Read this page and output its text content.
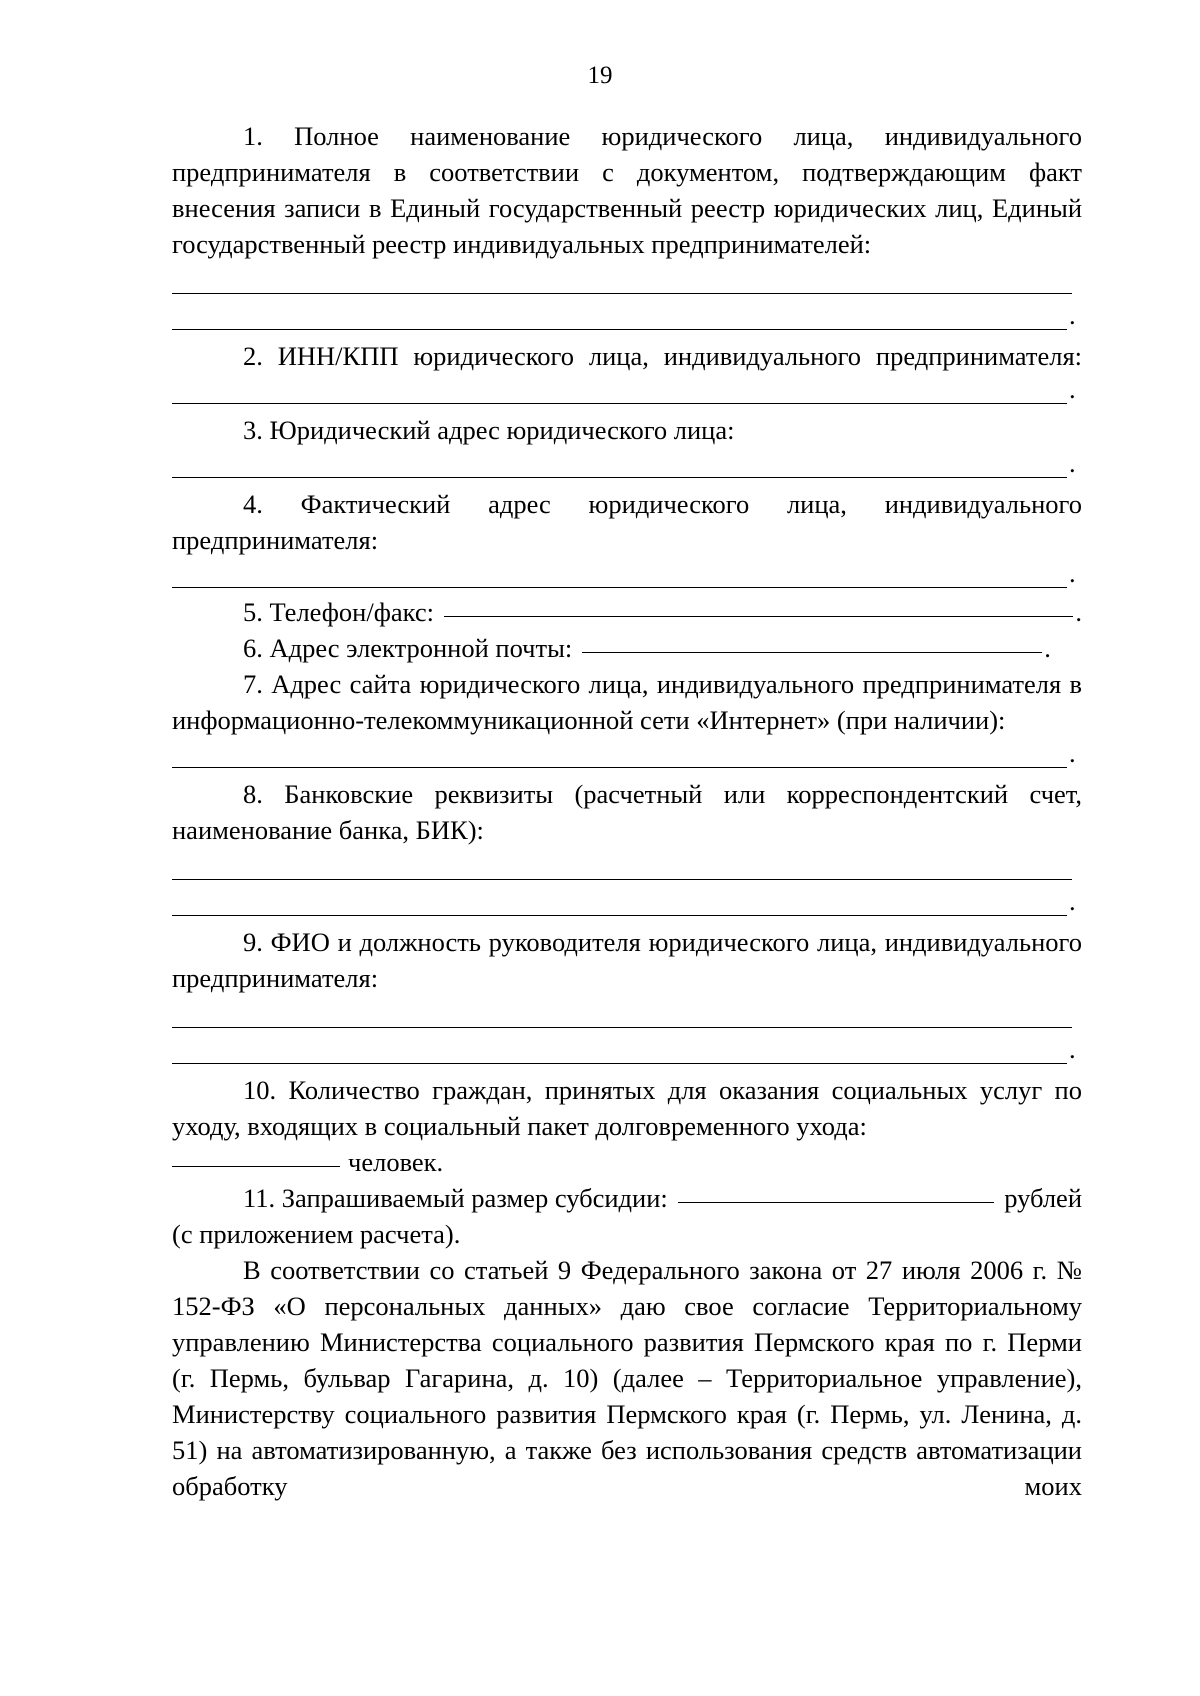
19

1. Полное наименование юридического лица, индивидуального предпринимателя в соответствии с документом, подтверждающим факт внесения записи в Единый государственный реестр юридических лиц, Единый государственный реестр индивидуальных предпринимателей:

.

2. ИНН/КПП юридического лица, индивидуального предпринимателя:

.

3. Юридический адрес юридического лица:

.

4. Фактический адрес юридического лица, индивидуального предпринимателя:

.
5. Телефон/факс:	.
6. Адрес электронной почты:	.

7. Адрес сайта юридического лица, индивидуального предпринимателя в информационно-телекоммуникационной сети «Интернет» (при наличии):

.

8. Банковские реквизиты (расчетный или корреспондентский счет, наименование банка, БИК):

.

9. ФИО и должность руководителя юридического лица, индивидуального предпринимателя:

.

10. Количество граждан, принятых для оказания социальных услуг по уходу, входящих в социальный пакет долговременного ухода:

человек.
11. Запрашиваемый размер субсидии:	рублей
(с приложением расчета).

В соответствии со статьей 9 Федерального закона от 27 июля 2006 г. № 152-ФЗ «О персональных данных» даю свое согласие Территориальному управлению Министерства социального развития Пермского края по г. Перми (г. Пермь, бульвар Гагарина, д. 10) (далее – Территориальное управление), Министерству социального развития Пермского края (г. Пермь, ул. Ленина, д. 51) на автоматизированную, а также без использования средств автоматизации обработку моих
